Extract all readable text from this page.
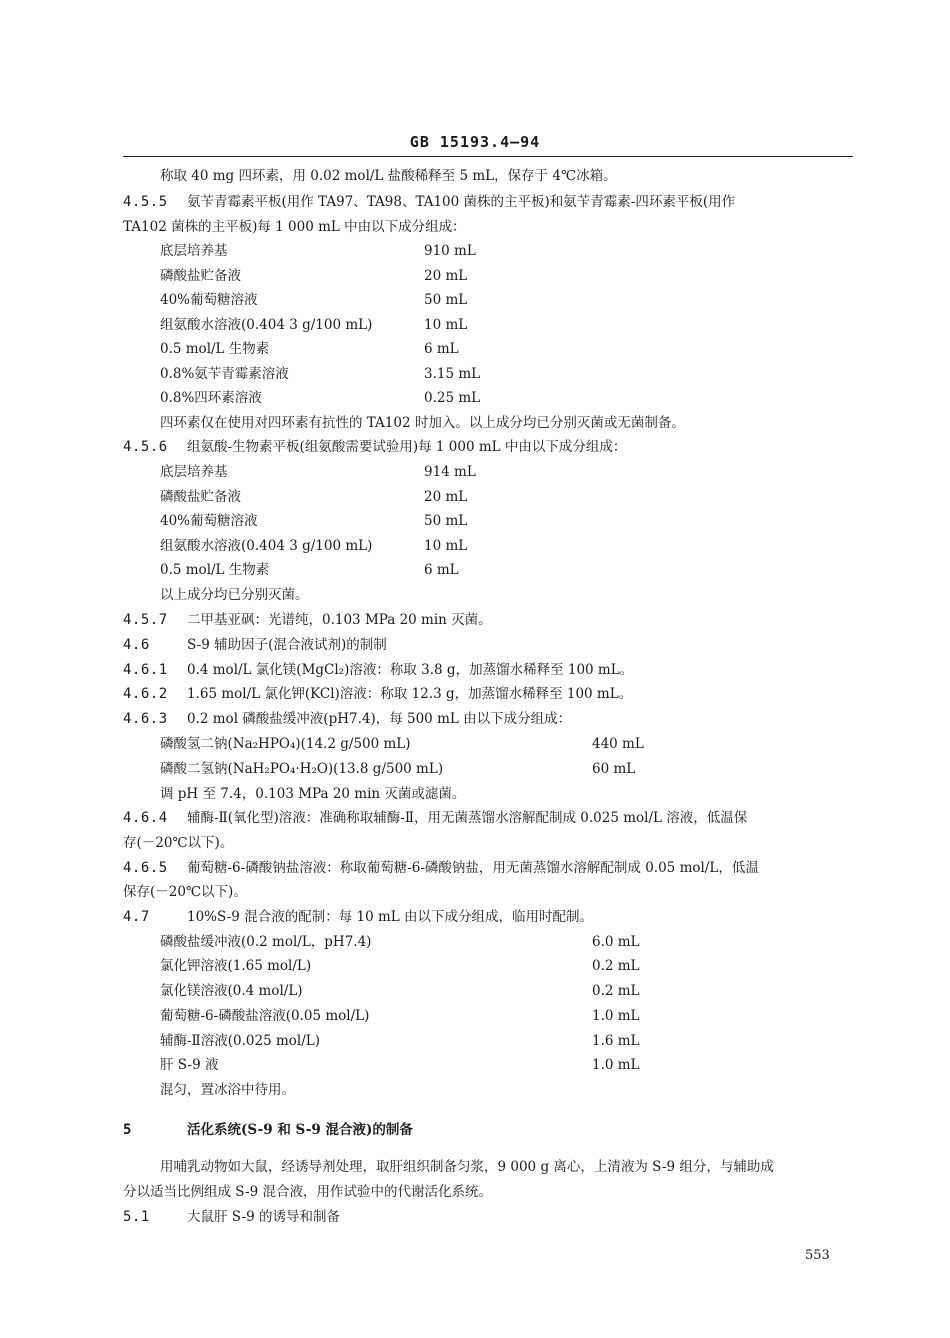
GB 15193.4—94
称取 40 mg 四环素，用 0.02 mol/L 盐酸稀释至 5 mL，保存于 4℃冰箱。
4.5.5 氨苄青霉素平板(用作 TA97、TA98、TA100 菌株的主平板)和氨苄青霉素-四环素平板(用作
TA102 菌株的主平板)每 1 000 mL 中由以下成分组成：
四环素仅在使用对四环素有抗性的 TA102 时加入。以上成分均已分别灭菌或无菌制备。
4.5.6 组氨酸-生物素平板(组氨酸需要试验用)每 1 000 mL 中由以下成分组成：
以上成分均已分别灭菌。
4.5.7 二甲基亚砜：光谱纯，0.103 MPa 20 min 灭菌。
4.6	S-9 辅助因子(混合液试剂)的制制
4.6.1 0.4 mol/L 氯化镁(MgCl₂)溶液：称取 3.8 g，加蒸馏水稀释至 100 mL。
4.6.2 1.65 mol/L 氯化钾(KCl)溶液：称取 12.3 g，加蒸馏水稀释至 100 mL。
4.6.3 0.2 mol 磷酸盐缓冲液(pH7.4)，每 500 mL 由以下成分组成：
调 pH 至 7.4，0.103 MPa 20 min 灭菌或滤菌。
4.6.4 辅酶-Ⅱ(氧化型)溶液：准确称取辅酶-Ⅱ，用无菌蒸馏水溶解配制成 0.025 mol/L 溶液，低温保
存(－20℃以下)。
4.6.5 葡萄糖-6-磷酸钠盐溶液：称取葡萄糖-6-磷酸钠盐，用无菌蒸馏水溶解配制成 0.05 mol/L，低温
保存(－20℃以下)。
4.7	10%S-9 混合液的配制：每 10 mL 由以下成分组成，临用时配制。
混匀，置冰浴中待用。
5	活化系统(S-9 和 S-9 混合液)的制备
用哺乳动物如大鼠，经诱导剂处理，取肝组织制备匀浆，9 000 g 离心，上清液为 S-9 组分，与辅助成
分以适当比例组成 S-9 混合液，用作试验中的代谢活化系统。
5.1	大鼠肝 S-9 的诱导和制备
底层培养基	910 mL
磷酸盐贮备液	20 mL
40%葡萄糖溶液	50 mL
组氨酸水溶液(0.404 3 g/100 mL)	10 mL
0.5 mol/L 生物素	6 mL
0.8%氨苄青霉素溶液	3.15 mL
0.8%四环素溶液	0.25 mL
底层培养基	914 mL
磷酸盐贮备液	20 mL
40%葡萄糖溶液	50 mL
组氨酸水溶液(0.404 3 g/100 mL)	10 mL
0.5 mol/L 生物素	6 mL
磷酸氢二钠(Na₂HPO₄)(14.2 g/500 mL)	440 mL
磷酸二氢钠(NaH₂PO₄·H₂O)(13.8 g/500 mL)	60 mL
磷酸盐缓冲液(0.2 mol/L，pH7.4)	6.0 mL
氯化钾溶液(1.65 mol/L)	0.2 mL
氯化镁溶液(0.4 mol/L)	0.2 mL
葡萄糖-6-磷酸盐溶液(0.05 mol/L)	1.0 mL
辅酶-Ⅱ溶液(0.025 mol/L)	1.6 mL
肝 S-9 液	1.0 mL
553
